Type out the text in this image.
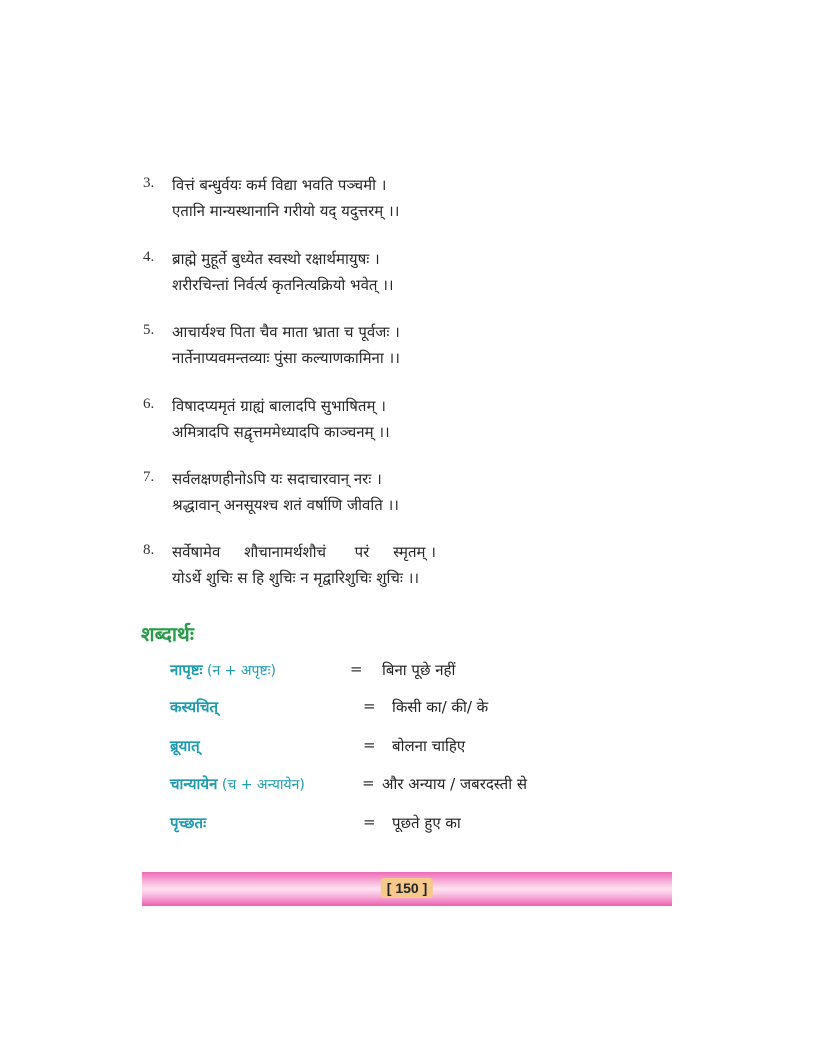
3. वित्तं बन्धुर्वयः कर्म विद्या भवति पञ्चमी ।
एतानि मान्यस्थानानि गरीयो यद् यदुत्तरम् ।।
4. ब्राह्मे मुहूर्ते बुध्येत स्वस्थो रक्षार्थमायुषः ।
शरीरचिन्तां निर्वर्त्य कृतनित्यक्रियो भवेत् ।।
5. आचार्यश्च पिता चैव माता भ्राता च पूर्वजः ।
नार्तेनाप्यवमन्तव्याः पुंसा कल्याणकामिना ।।
6. विषादप्यमृतं ग्राह्यं बालादपि सुभाषितम् ।
अमित्रादपि सद्वृत्तममेध्यादपि काञ्चनम् ।।
7. सर्वलक्षणहीनोऽपि यः सदाचारवान् नरः ।
श्रद्धावान् अनसूयश्च शतं वर्षाणि जीवति ।।
8. सर्वेषामेव     शौचानामर्थशौचं      परं     स्मृतम् ।
योऽर्थे शुचिः स हि शुचिः न मृद्वारिशुचिः शुचिः ।।
शब्दार्थः
नापृष्टः (न + अपृष्टः)	= बिना पूछे नहीं
कस्यचित्	= किसी का/ की/ के
ब्रूयात्	= बोलना चाहिए
चान्यायेन (च + अन्यायेन)	= और अन्याय / जबरदस्ती से
पृच्छतः	= पूछते हुए का
[ 150 ]
